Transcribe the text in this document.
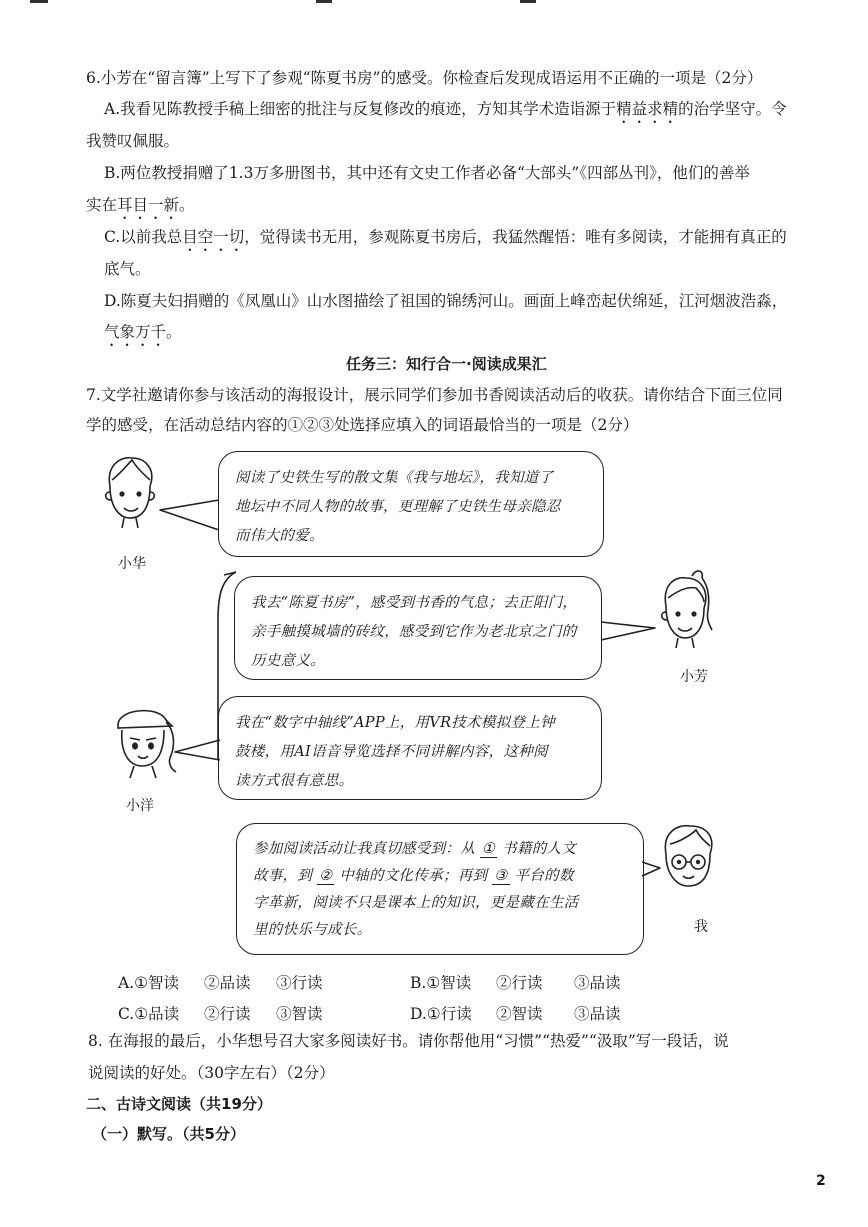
6.小芳在“留言簿”上写下了参观“陈夏书房”的感受。你检查后发现成语运用不正确的一项是（2分）
A.我看见陈教授手稿上细密的批注与反复修改的痕迹，方知其学术造诣源于精益求精的治学坚守。令
我赞叹佩服。
B.两位教授捐赠了1.3万多册图书，其中还有文史工作者必备“大部头”《四部丛刊》，他们的善举
实在耳目一新。
C.以前我总目空一切，觉得读书无用，参观陈夏书房后，我猛然醒悟：唯有多阅读，才能拥有真正的
底气。
D.陈夏夫妇捐赠的《凤凰山》山水图描绘了祖国的锦绣河山。画面上峰峦起伏绵延，江河烟波浩淼，
气象万千。
任务三：知行合一·阅读成果汇
7.文学社邀请你参与该活动的海报设计，展示同学们参加书香阅读活动后的收获。请你结合下面三位同
学的感受，在活动总结内容的①②③处选择应填入的词语最恰当的一项是（2分）
小华
阅读了史铁生写的散文集《我与地坛》，我知道了
地坛中不同人物的故事，更理解了史铁生母亲隐忍
而伟大的爱。
我去“陈夏书房”，感受到书香的气息；去正阳门，
亲手触摸城墙的砖纹，感受到它作为老北京之门的
历史意义。
小芳
小洋
我在“数字中轴线”APP上，用VR技术模拟登上钟
鼓楼，用AI语音导览选择不同讲解内容，这种阅
读方式很有意思。
参加阅读活动让我真切感受到：从 ① 书籍的人文
故事，到 ② 中轴的文化传承；再到 ③ 平台的数
字革新，阅读不只是课本上的知识，更是藏在生活
里的快乐与成长。	我
A.①智读 ②品读 ③行读	B.①智读 ②行读 ③品读
C.①品读 ②行读 ③智读	D.①行读 ②智读 ③品读
8. 在海报的最后，小华想号召大家多阅读好书。请你帮他用“习惯”“热爱”“汲取”写一段话，说
说阅读的好处。（30字左右）（2分）
二、古诗文阅读（共19分）
（一）默写。（共5分）
2
